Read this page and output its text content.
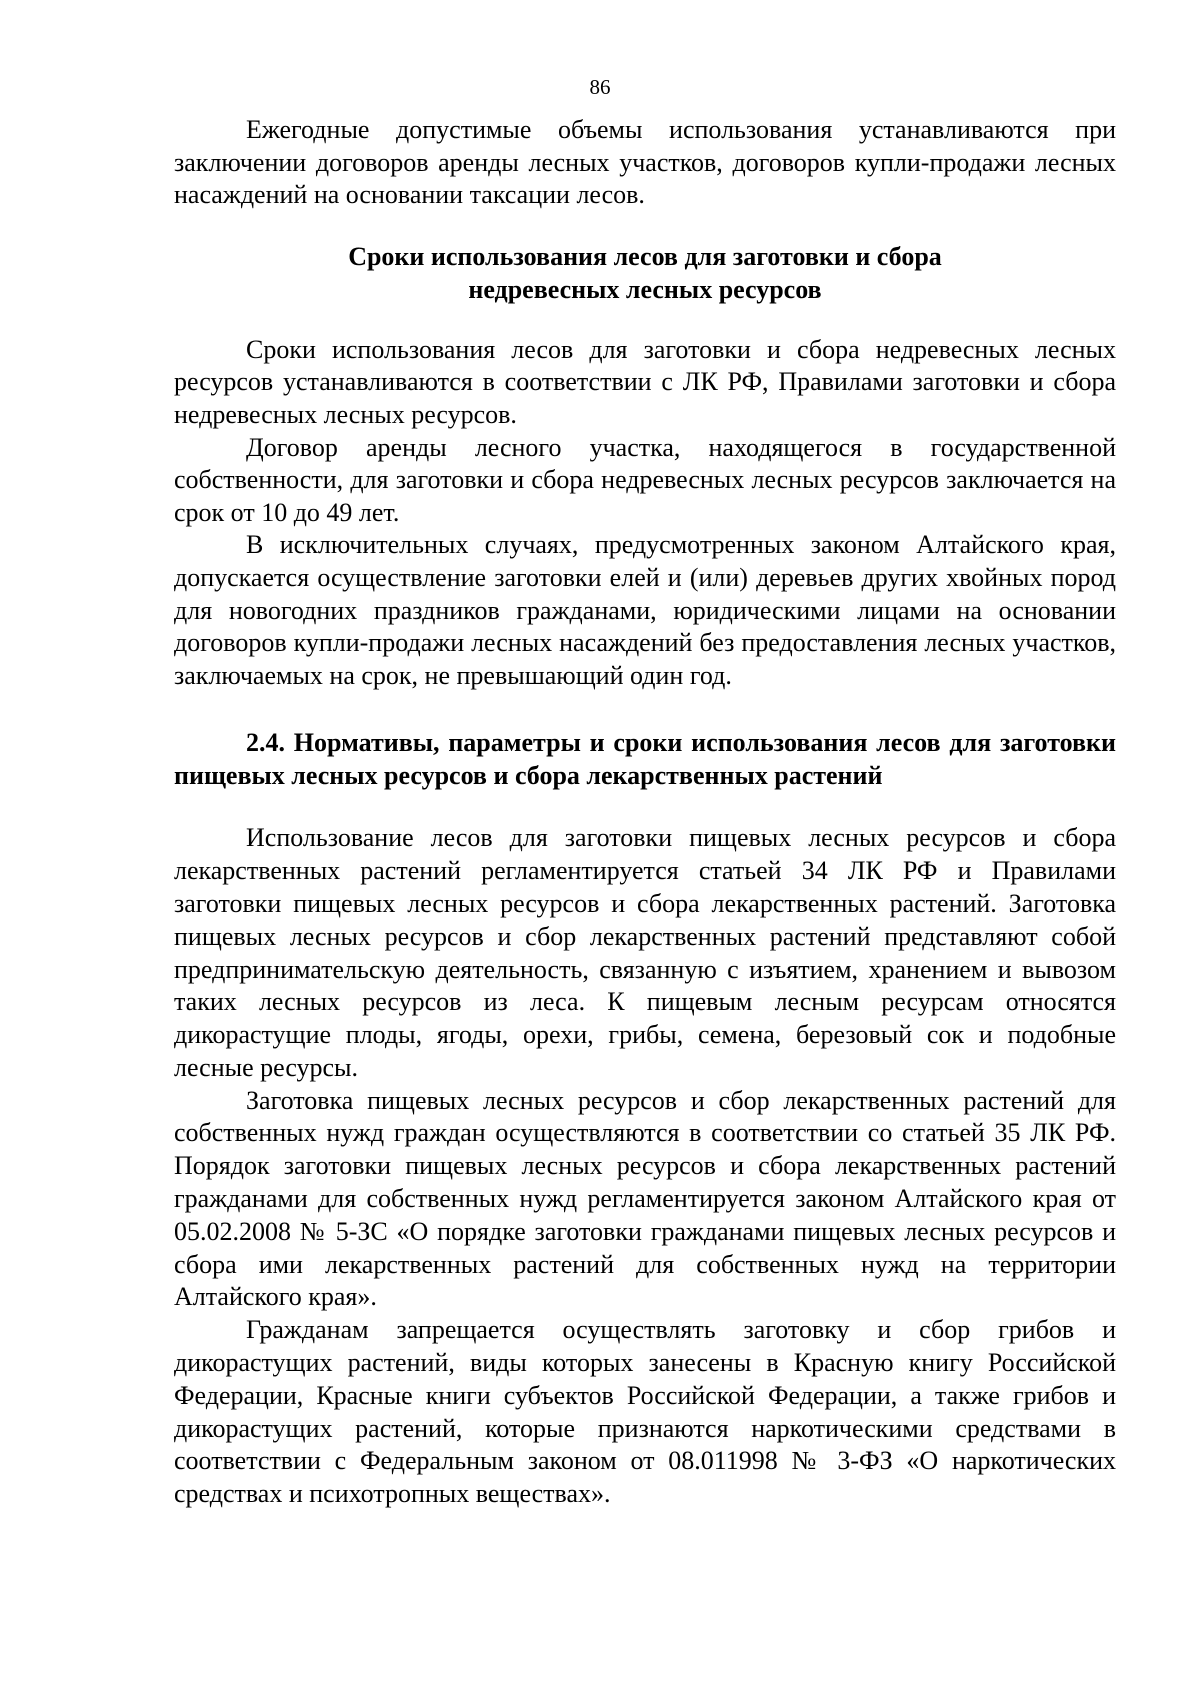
86

Ежегодные допустимые объемы использования устанавливаются при заключении договоров аренды лесных участков, договоров купли-продажи лесных насаждений на основании таксации лесов.

Сроки использования лесов для заготовки и сбора

недревесных лесных ресурсов

Сроки использования лесов для заготовки и сбора недревесных лесных ресурсов устанавливаются в соответствии с ЛК РФ, Правилами заготовки и сбора недревесных лесных ресурсов.

Договор аренды лесного участка, находящегося в государственной собственности, для заготовки и сбора недревесных лесных ресурсов заключается на срок от 10 до 49 лет.

В исключительных случаях, предусмотренных законом Алтайского края, допускается осуществление заготовки елей и (или) деревьев других хвойных пород для новогодних праздников гражданами, юридическими лицами на основании договоров купли-продажи лесных насаждений без предоставления лесных участков, заключаемых на срок, не превышающий один год.

2.4. Нормативы, параметры и сроки использования лесов для заготовки пищевых лесных ресурсов и сбора лекарственных растений

Использование лесов для заготовки пищевых лесных ресурсов и сбора лекарственных растений регламентируется статьей 34 ЛК РФ и Правилами заготовки пищевых лесных ресурсов и сбора лекарственных растений. Заготовка пищевых лесных ресурсов и сбор лекарственных растений представляют собой предпринимательскую деятельность, связанную с изъятием, хранением и вывозом таких лесных ресурсов из леса. К пищевым лесным ресурсам относятся дикорастущие плоды, ягоды, орехи, грибы, семена, березовый сок и подобные лесные ресурсы.

Заготовка пищевых лесных ресурсов и сбор лекарственных растений для собственных нужд граждан осуществляются в соответствии со статьей 35 ЛК РФ. Порядок заготовки пищевых лесных ресурсов и сбора лекарственных растений гражданами для собственных нужд регламентируется законом Алтайского края от 05.02.2008 № 5-ЗС «О порядке заготовки гражданами пищевых лесных ресурсов и сбора ими лекарственных растений для собственных нужд на территории Алтайского края».

Гражданам запрещается осуществлять заготовку и сбор грибов и дикорастущих растений, виды которых занесены в Красную книгу Российской Федерации, Красные книги субъектов Российской Федерации, а также грибов и дикорастущих растений, которые признаются наркотическими средствами в соответствии с Федеральным законом от 08.011998 № 3-ФЗ «О наркотических средствах и психотропных веществах».
